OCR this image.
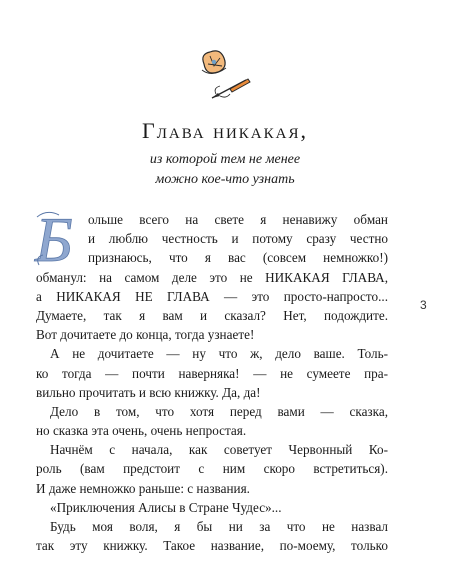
Глава никакая,

из которой тем не менее
можно кое-что узнать

Б	ольше всего на свете я ненавижу обман
и люблю честность и потому сразу честно
признаюсь, что я вас (совсем немножко!)
обманул: на самом деле это не НИКАКАЯ ГЛАВА,
а НИКАКАЯ НЕ ГЛАВА — это просто-напросто...
Думаете, так я вам и сказал? Нет, подождите.
Вот дочитаете до конца, тогда узнаете!
А не дочитаете — ну что ж, дело ваше. Толь-
ко тогда — почти наверняка! — не сумеете пра-
вильно прочитать и всю книжку. Да, да!
Дело в том, что хотя перед вами — сказка,
но сказка эта очень, очень непростая.
Начнём с начала, как советует Червонный Ко-
роль (вам предстоит с ним скоро встретиться).
И даже немножко раньше: с названия.
«Приключения Алисы в Стране Чудес»...
Будь моя воля, я бы ни за что не назвал
так эту книжку. Такое название, по-моему, только
3
